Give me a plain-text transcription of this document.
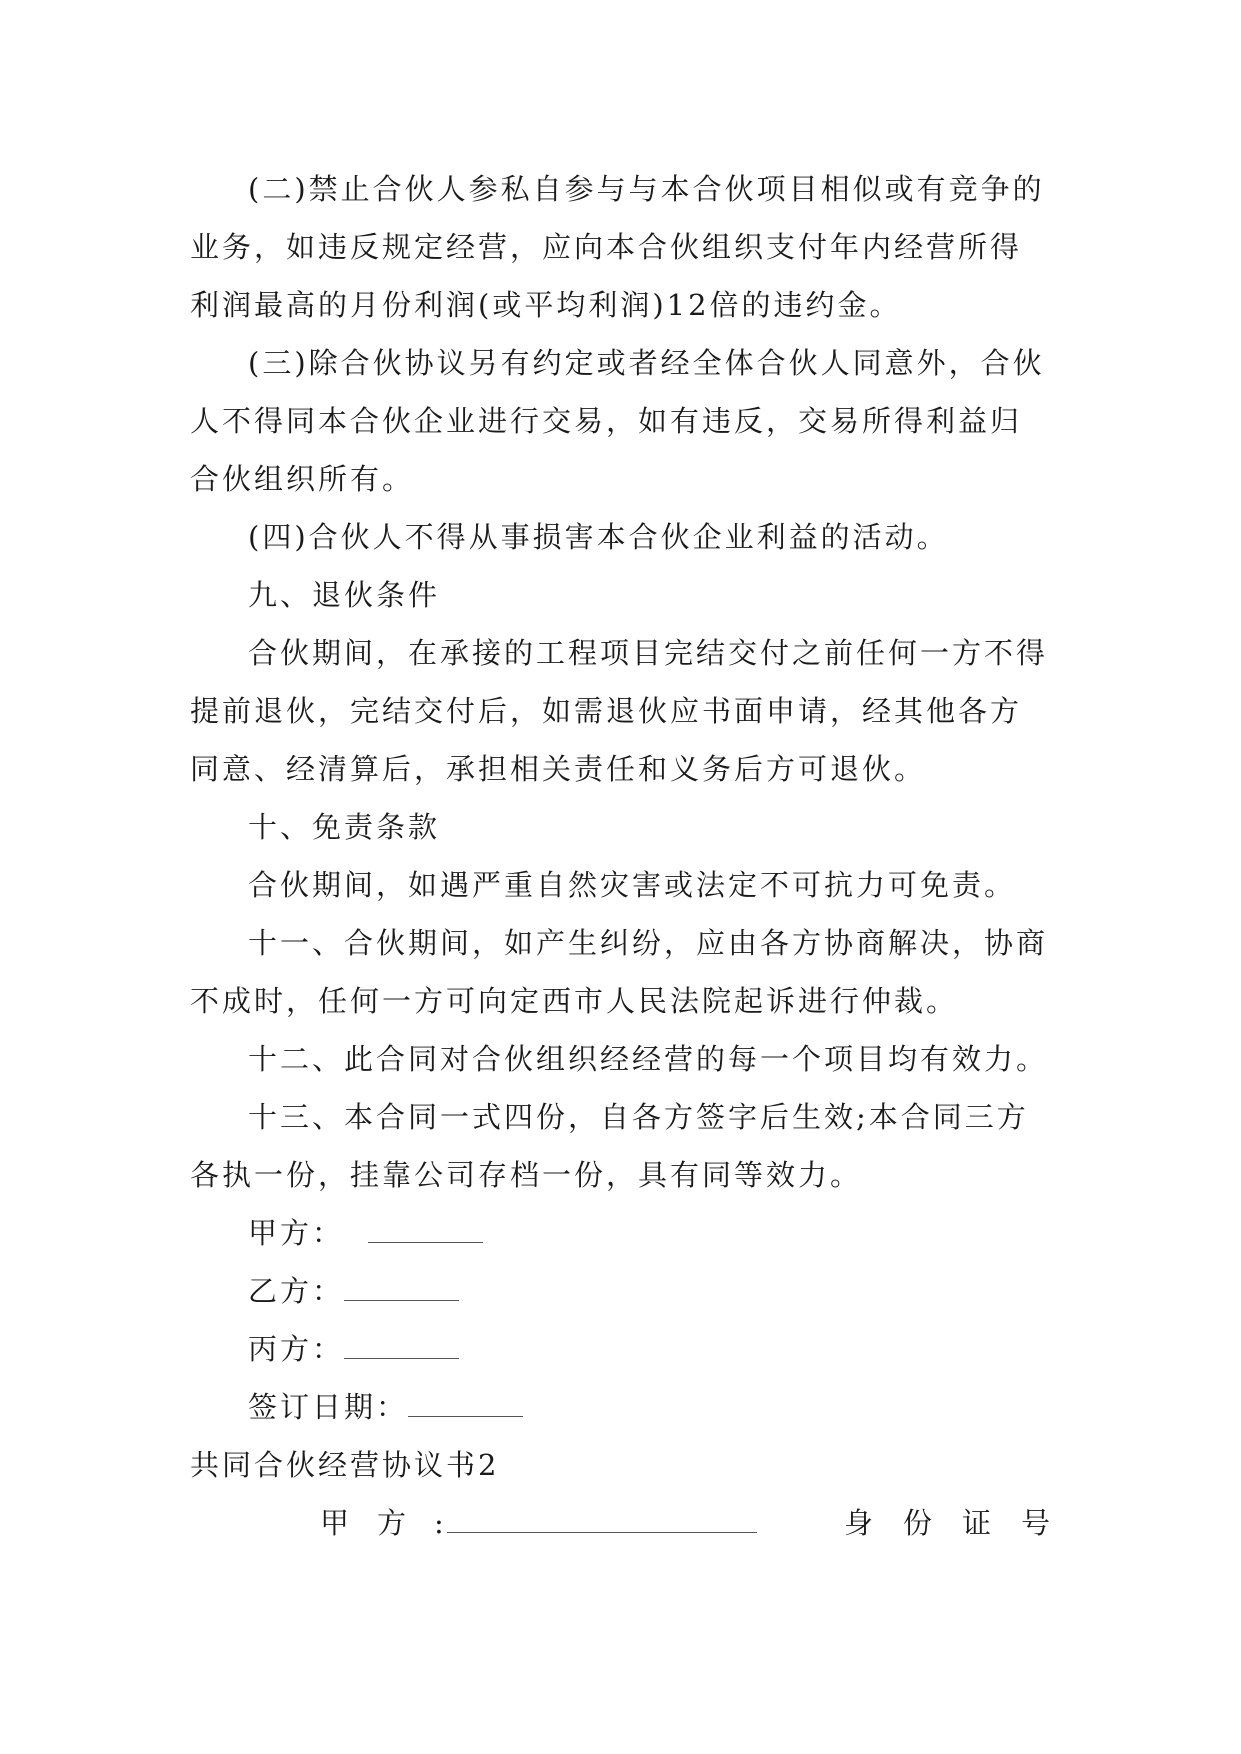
(二)禁止合伙人参私自参与与本合伙项目相似或有竞争的业务，如违反规定经营，应向本合伙组织支付年内经营所得利润最高的月份利润(或平均利润)12倍的违约金。

(三)除合伙协议另有约定或者经全体合伙人同意外，合伙人不得同本合伙企业进行交易，如有违反，交易所得利益归合伙组织所有。

(四)合伙人不得从事损害本合伙企业利益的活动。

九、退伙条件

合伙期间，在承接的工程项目完结交付之前任何一方不得提前退伙，完结交付后，如需退伙应书面申请，经其他各方同意、经清算后，承担相关责任和义务后方可退伙。

十、免责条款

合伙期间，如遇严重自然灾害或法定不可抗力可免责。

十一、合伙期间，如产生纠纷，应由各方协商解决，协商不成时，任何一方可向定西市人民法院起诉进行仲裁。

十二、此合同对合伙组织经经营的每一个项目均有效力。

十三、本合同一式四份，自各方签字后生效;本合同三方各执一份，挂靠公司存档一份，具有同等效力。

甲方：

乙方：

丙方：

签订日期：

共同合伙经营协议书2

甲方 :	身份证号
